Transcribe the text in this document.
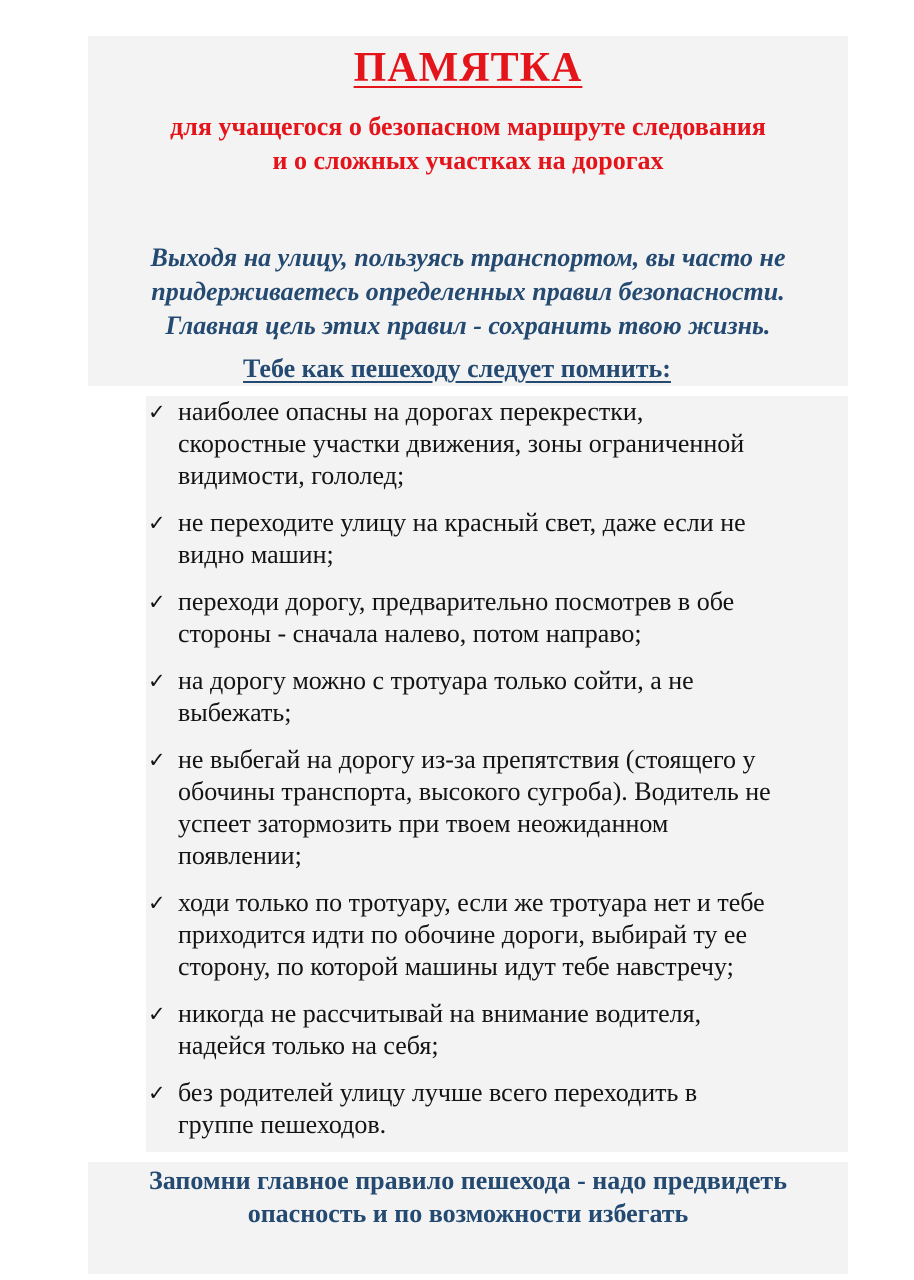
ПАМЯТКА
для учащегося о безопасном маршруте следования
и о сложных участках на дорогах
Выходя на улицу, пользуясь транспортом, вы часто не
придерживаетесь определенных правил безопасности.
Главная цель этих правил - сохранить твою жизнь.
Тебе как пешеходу следует помнить:
✓ наиболее опасны на дорогах перекрестки,
скоростные участки движения, зоны ограниченной
видимости, гололед;
✓ не переходите улицу на красный свет, даже если не
видно машин;
✓ переходи дорогу, предварительно посмотрев в обе
стороны - сначала налево, потом направо;
✓ на дорогу можно с тротуара только сойти, а не
выбежать;
✓ не выбегай на дорогу из-за препятствия (стоящего у
обочины транспорта, высокого сугроба). Водитель не
успеет затормозить при твоем неожиданном
появлении;
✓ ходи только по тротуару, если же тротуара нет и тебе
приходится идти по обочине дороги, выбирай ту ее
сторону, по которой машины идут тебе навстречу;
✓ никогда не рассчитывай на внимание водителя,
надейся только на себя;
✓ без родителей улицу лучше всего переходить в
группе пешеходов.
Запомни главное правило пешехода - надо предвидеть
опасность и по возможности избегать
